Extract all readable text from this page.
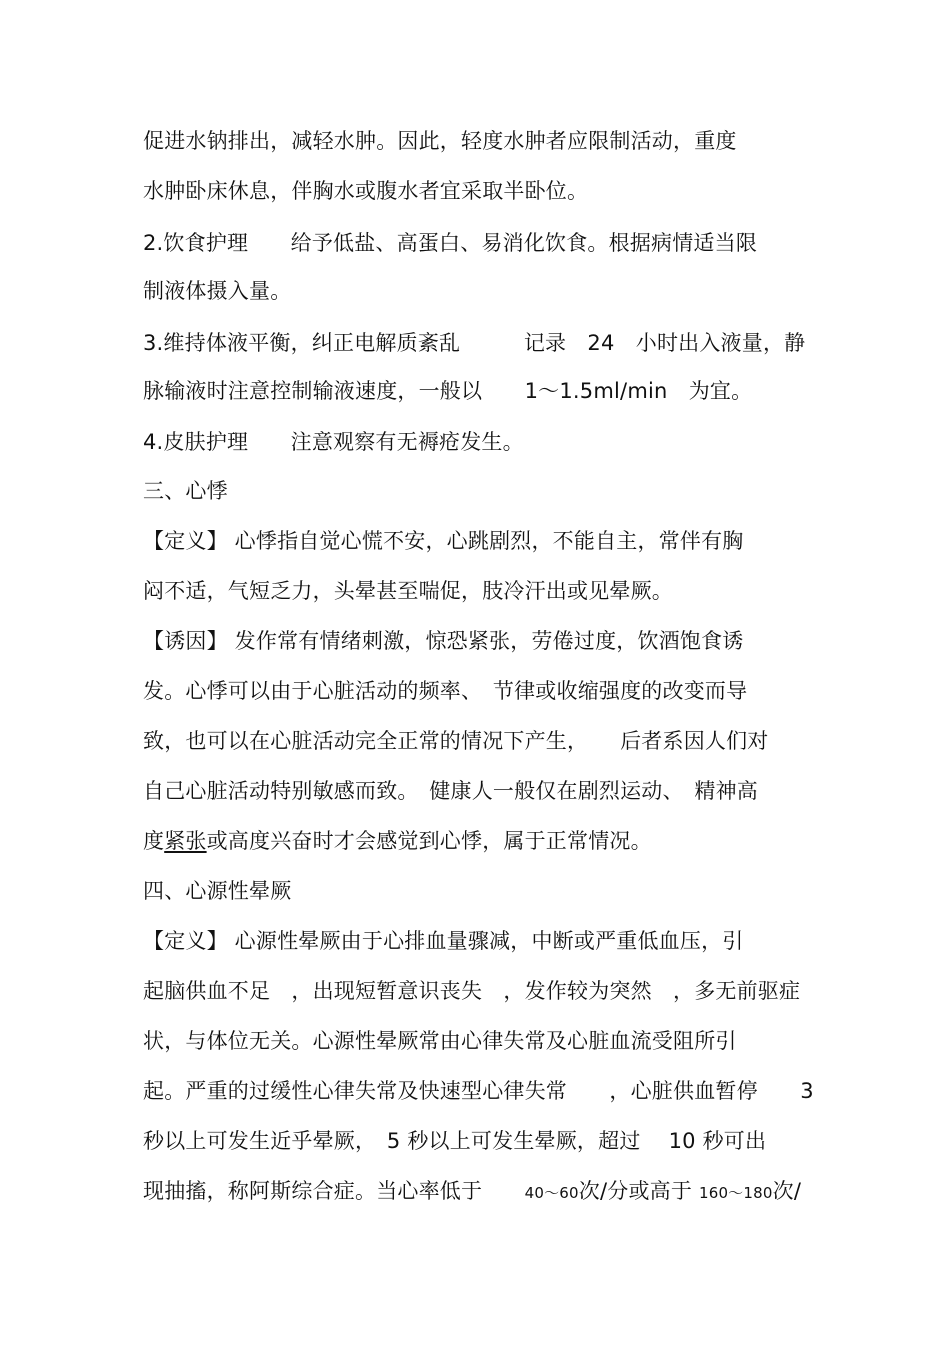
促进水钠排出，减轻水肿。因此，轻度水肿者应限制活动，重度
水肿卧床休息，伴胸水或腹水者宜采取半卧位。
2.饮食护理　　给予低盐、高蛋白、易消化饮食。根据病情适当限
制液体摄入量。
3.维持体液平衡，纠正电解质紊乱　　　记录　24　小时出入液量，静
脉输液时注意控制输液速度，一般以　　1～1.5ml/min　为宜。
4.皮肤护理　　注意观察有无褥疮发生。
三、心悸
【定义】 心悸指自觉心慌不安，心跳剧烈，不能自主，常伴有胸
闷不适，气短乏力，头晕甚至喘促，肢冷汗出或见晕厥。
【诱因】 发作常有情绪刺激，惊恐紧张，劳倦过度，饮酒饱食诱
发。心悸可以由于心脏活动的频率、　节律或收缩强度的改变而导
致，也可以在心脏活动完全正常的情况下产生，　　后者系因人们对
自己心脏活动特别敏感而致。　健康人一般仅在剧烈运动、　精神高
度紧张或高度兴奋时才会感觉到心悸，属于正常情况。
四、心源性晕厥
【定义】 心源性晕厥由于心排血量骤减，中断或严重低血压，引
起脑供血不足　，出现短暂意识丧失　，发作较为突然　，多无前驱症
状，与体位无关。心源性晕厥常由心律失常及心脏血流受阻所引
起。严重的过缓性心律失常及快速型心律失常　　，心脏供血暂停　　3
秒以上可发生近乎晕厥，　5 秒以上可发生晕厥，超过　 10 秒可出
现抽搐，称阿斯综合症。当心率低于　　40～60次/分或高于 160～180次/
